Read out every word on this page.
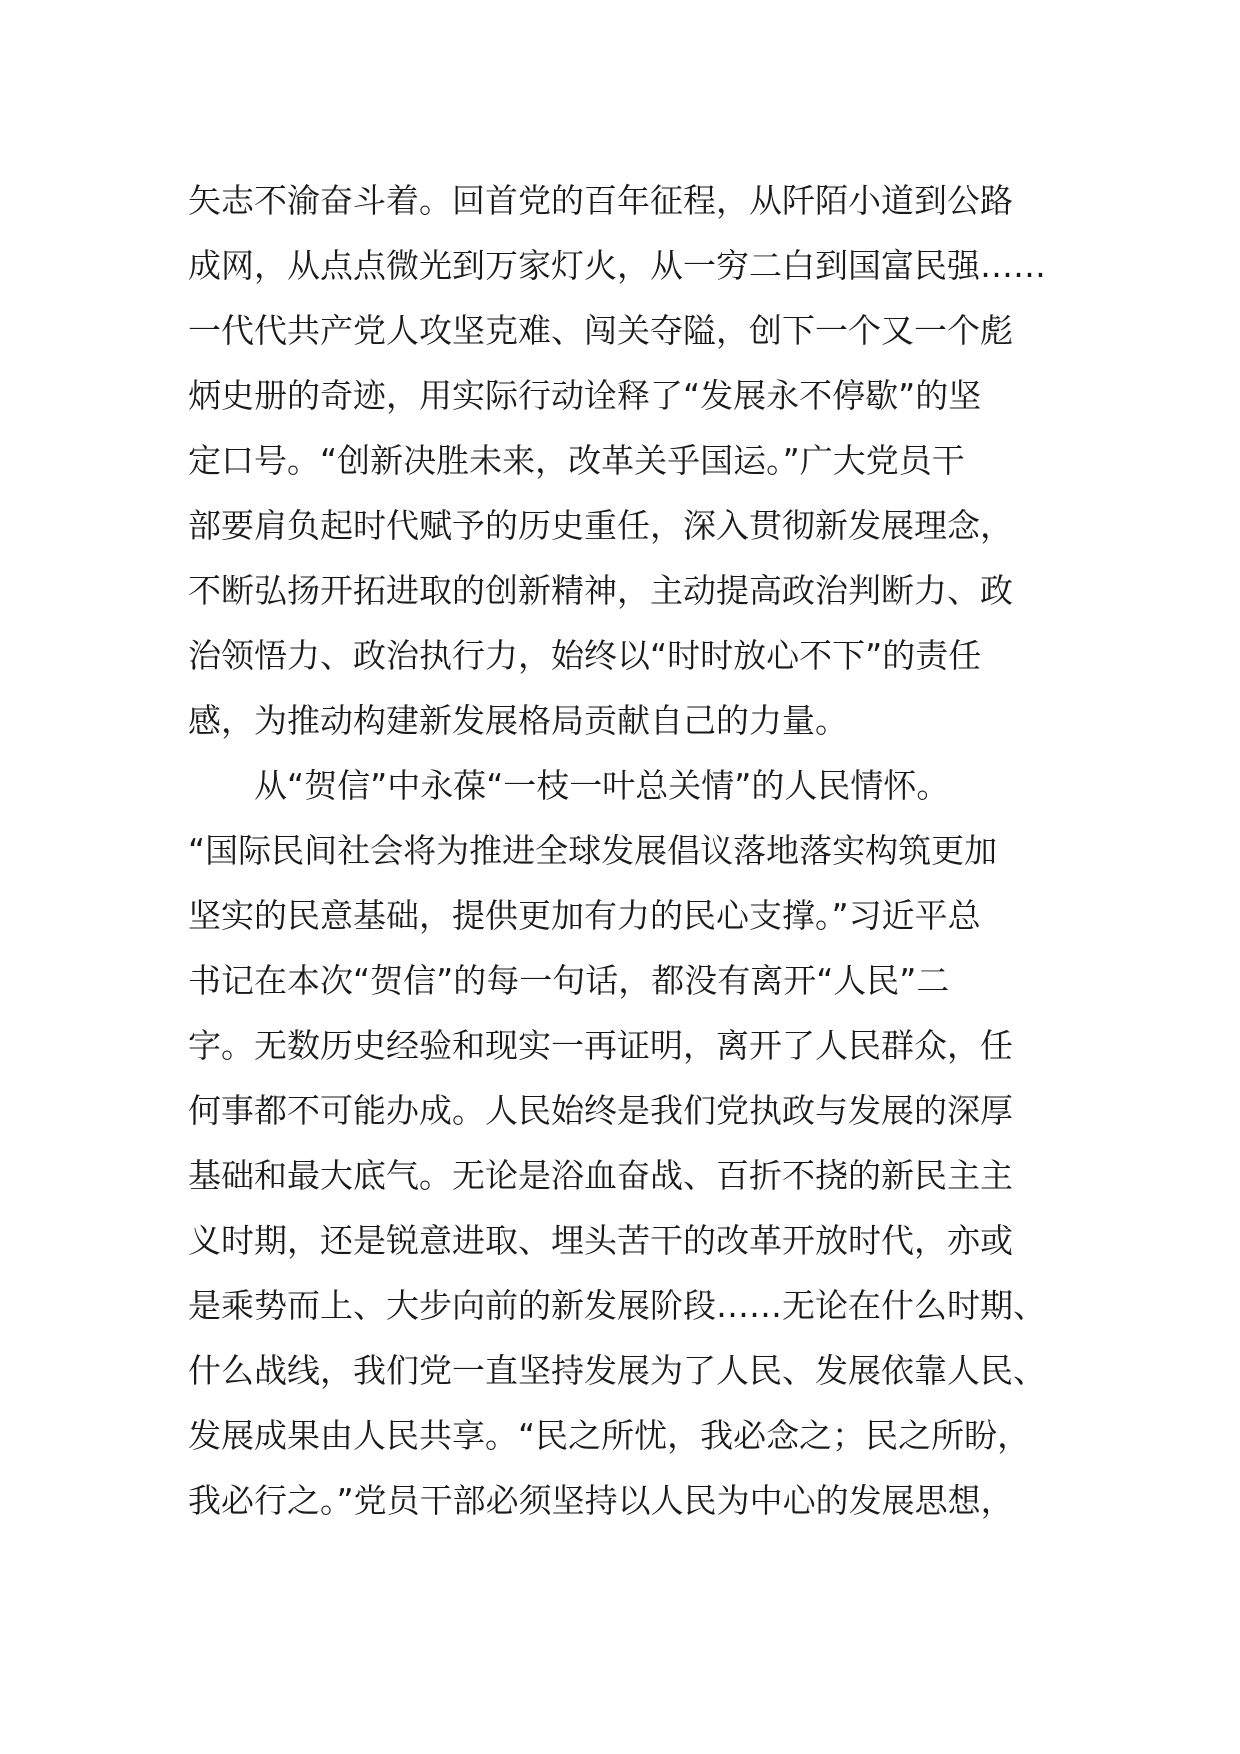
矢志不渝奋斗着。回首党的百年征程，从阡陌小道到公路
成网，从点点微光到万家灯火，从一穷二白到国富民强……
一代代共产党人攻坚克难、闯关夺隘，创下一个又一个彪
炳史册的奇迹，用实际行动诠释了“发展永不停歇”的坚
定口号。“创新决胜未来，改革关乎国运。”广大党员干
部要肩负起时代赋予的历史重任，深入贯彻新发展理念，
不断弘扬开拓进取的创新精神，主动提高政治判断力、政
治领悟力、政治执行力，始终以“时时放心不下”的责任
感，为推动构建新发展格局贡献自己的力量。
从“贺信”中永葆“一枝一叶总关情”的人民情怀。
“国际民间社会将为推进全球发展倡议落地落实构筑更加
坚实的民意基础，提供更加有力的民心支撑。”习近平总
书记在本次“贺信”的每一句话，都没有离开“人民”二
字。无数历史经验和现实一再证明，离开了人民群众，任
何事都不可能办成。人民始终是我们党执政与发展的深厚
基础和最大底气。无论是浴血奋战、百折不挠的新民主主
义时期，还是锐意进取、埋头苦干的改革开放时代，亦或
是乘势而上、大步向前的新发展阶段……无论在什么时期、
什么战线，我们党一直坚持发展为了人民、发展依靠人民、
发展成果由人民共享。“民之所忧，我必念之；民之所盼，
我必行之。”党员干部必须坚持以人民为中心的发展思想，
